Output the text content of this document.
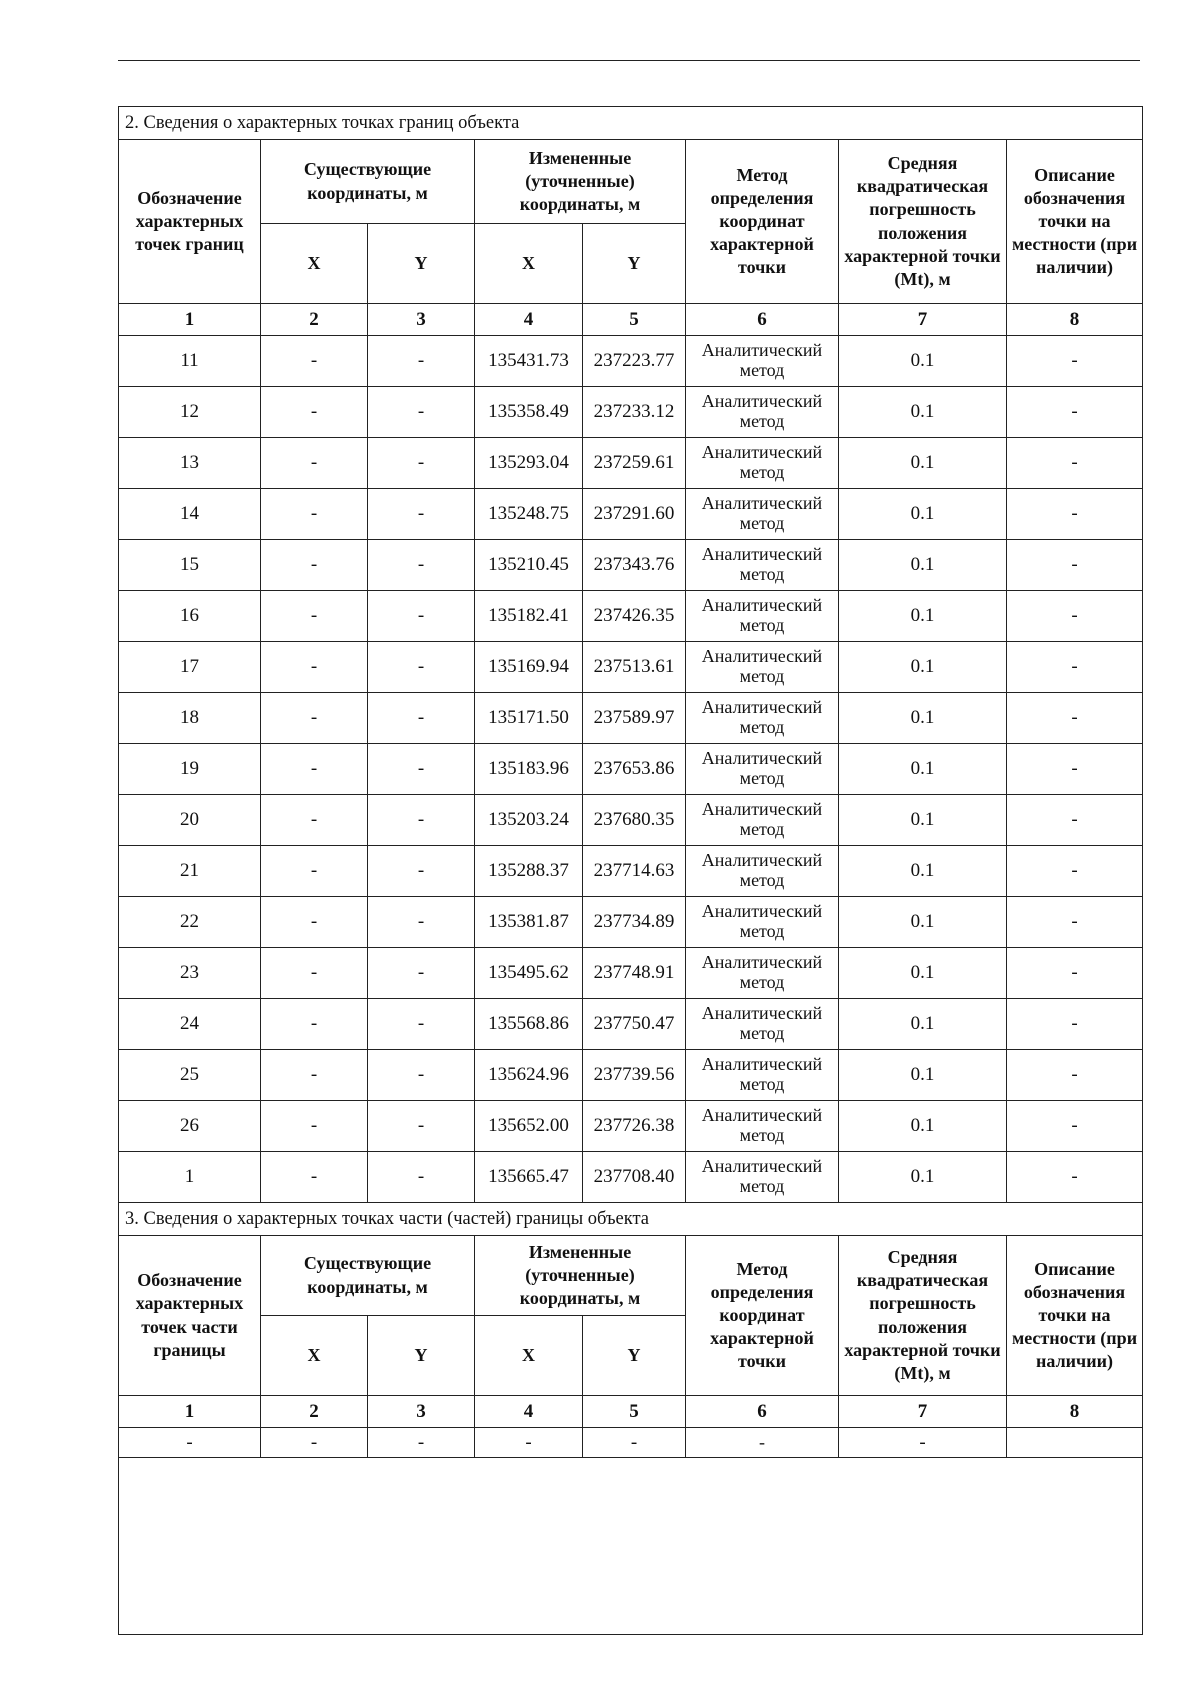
2. Сведения о характерных точках границ объекта							
Обозначение характерных точек границ	Существующие координаты, м		Измененные (уточненные) координаты, м		Метод определения координат характерной точки	Средняя квадратическая погрешность положения характерной точки (Mt), м	Описание обозначения точки на местности (при наличии)
	X	Y	X	Y			
1	2	3	4	5	6	7	8
11	-	-	135431.73	237223.77	Аналитический метод	0.1	-
12	-	-	135358.49	237233.12	Аналитический метод	0.1	-
13	-	-	135293.04	237259.61	Аналитический метод	0.1	-
14	-	-	135248.75	237291.60	Аналитический метод	0.1	-
15	-	-	135210.45	237343.76	Аналитический метод	0.1	-
16	-	-	135182.41	237426.35	Аналитический метод	0.1	-
17	-	-	135169.94	237513.61	Аналитический метод	0.1	-
18	-	-	135171.50	237589.97	Аналитический метод	0.1	-
19	-	-	135183.96	237653.86	Аналитический метод	0.1	-
20	-	-	135203.24	237680.35	Аналитический метод	0.1	-
21	-	-	135288.37	237714.63	Аналитический метод	0.1	-
22	-	-	135381.87	237734.89	Аналитический метод	0.1	-
23	-	-	135495.62	237748.91	Аналитический метод	0.1	-
24	-	-	135568.86	237750.47	Аналитический метод	0.1	-
25	-	-	135624.96	237739.56	Аналитический метод	0.1	-
26	-	-	135652.00	237726.38	Аналитический метод	0.1	-
1	-	-	135665.47	237708.40	Аналитический метод	0.1	-
3. Сведения о характерных точках части (частей) границы объекта							
Обозначение характерных точек части границы	Существующие координаты, м		Измененные (уточненные) координаты, м		Метод определения координат характерной точки	Средняя квадратическая погрешность положения характерной точки (Mt), м	Описание обозначения точки на местности (при наличии)
	X	Y	X	Y			
1	2	3	4	5	6	7	8
-	-	-	-	-	-	-	
